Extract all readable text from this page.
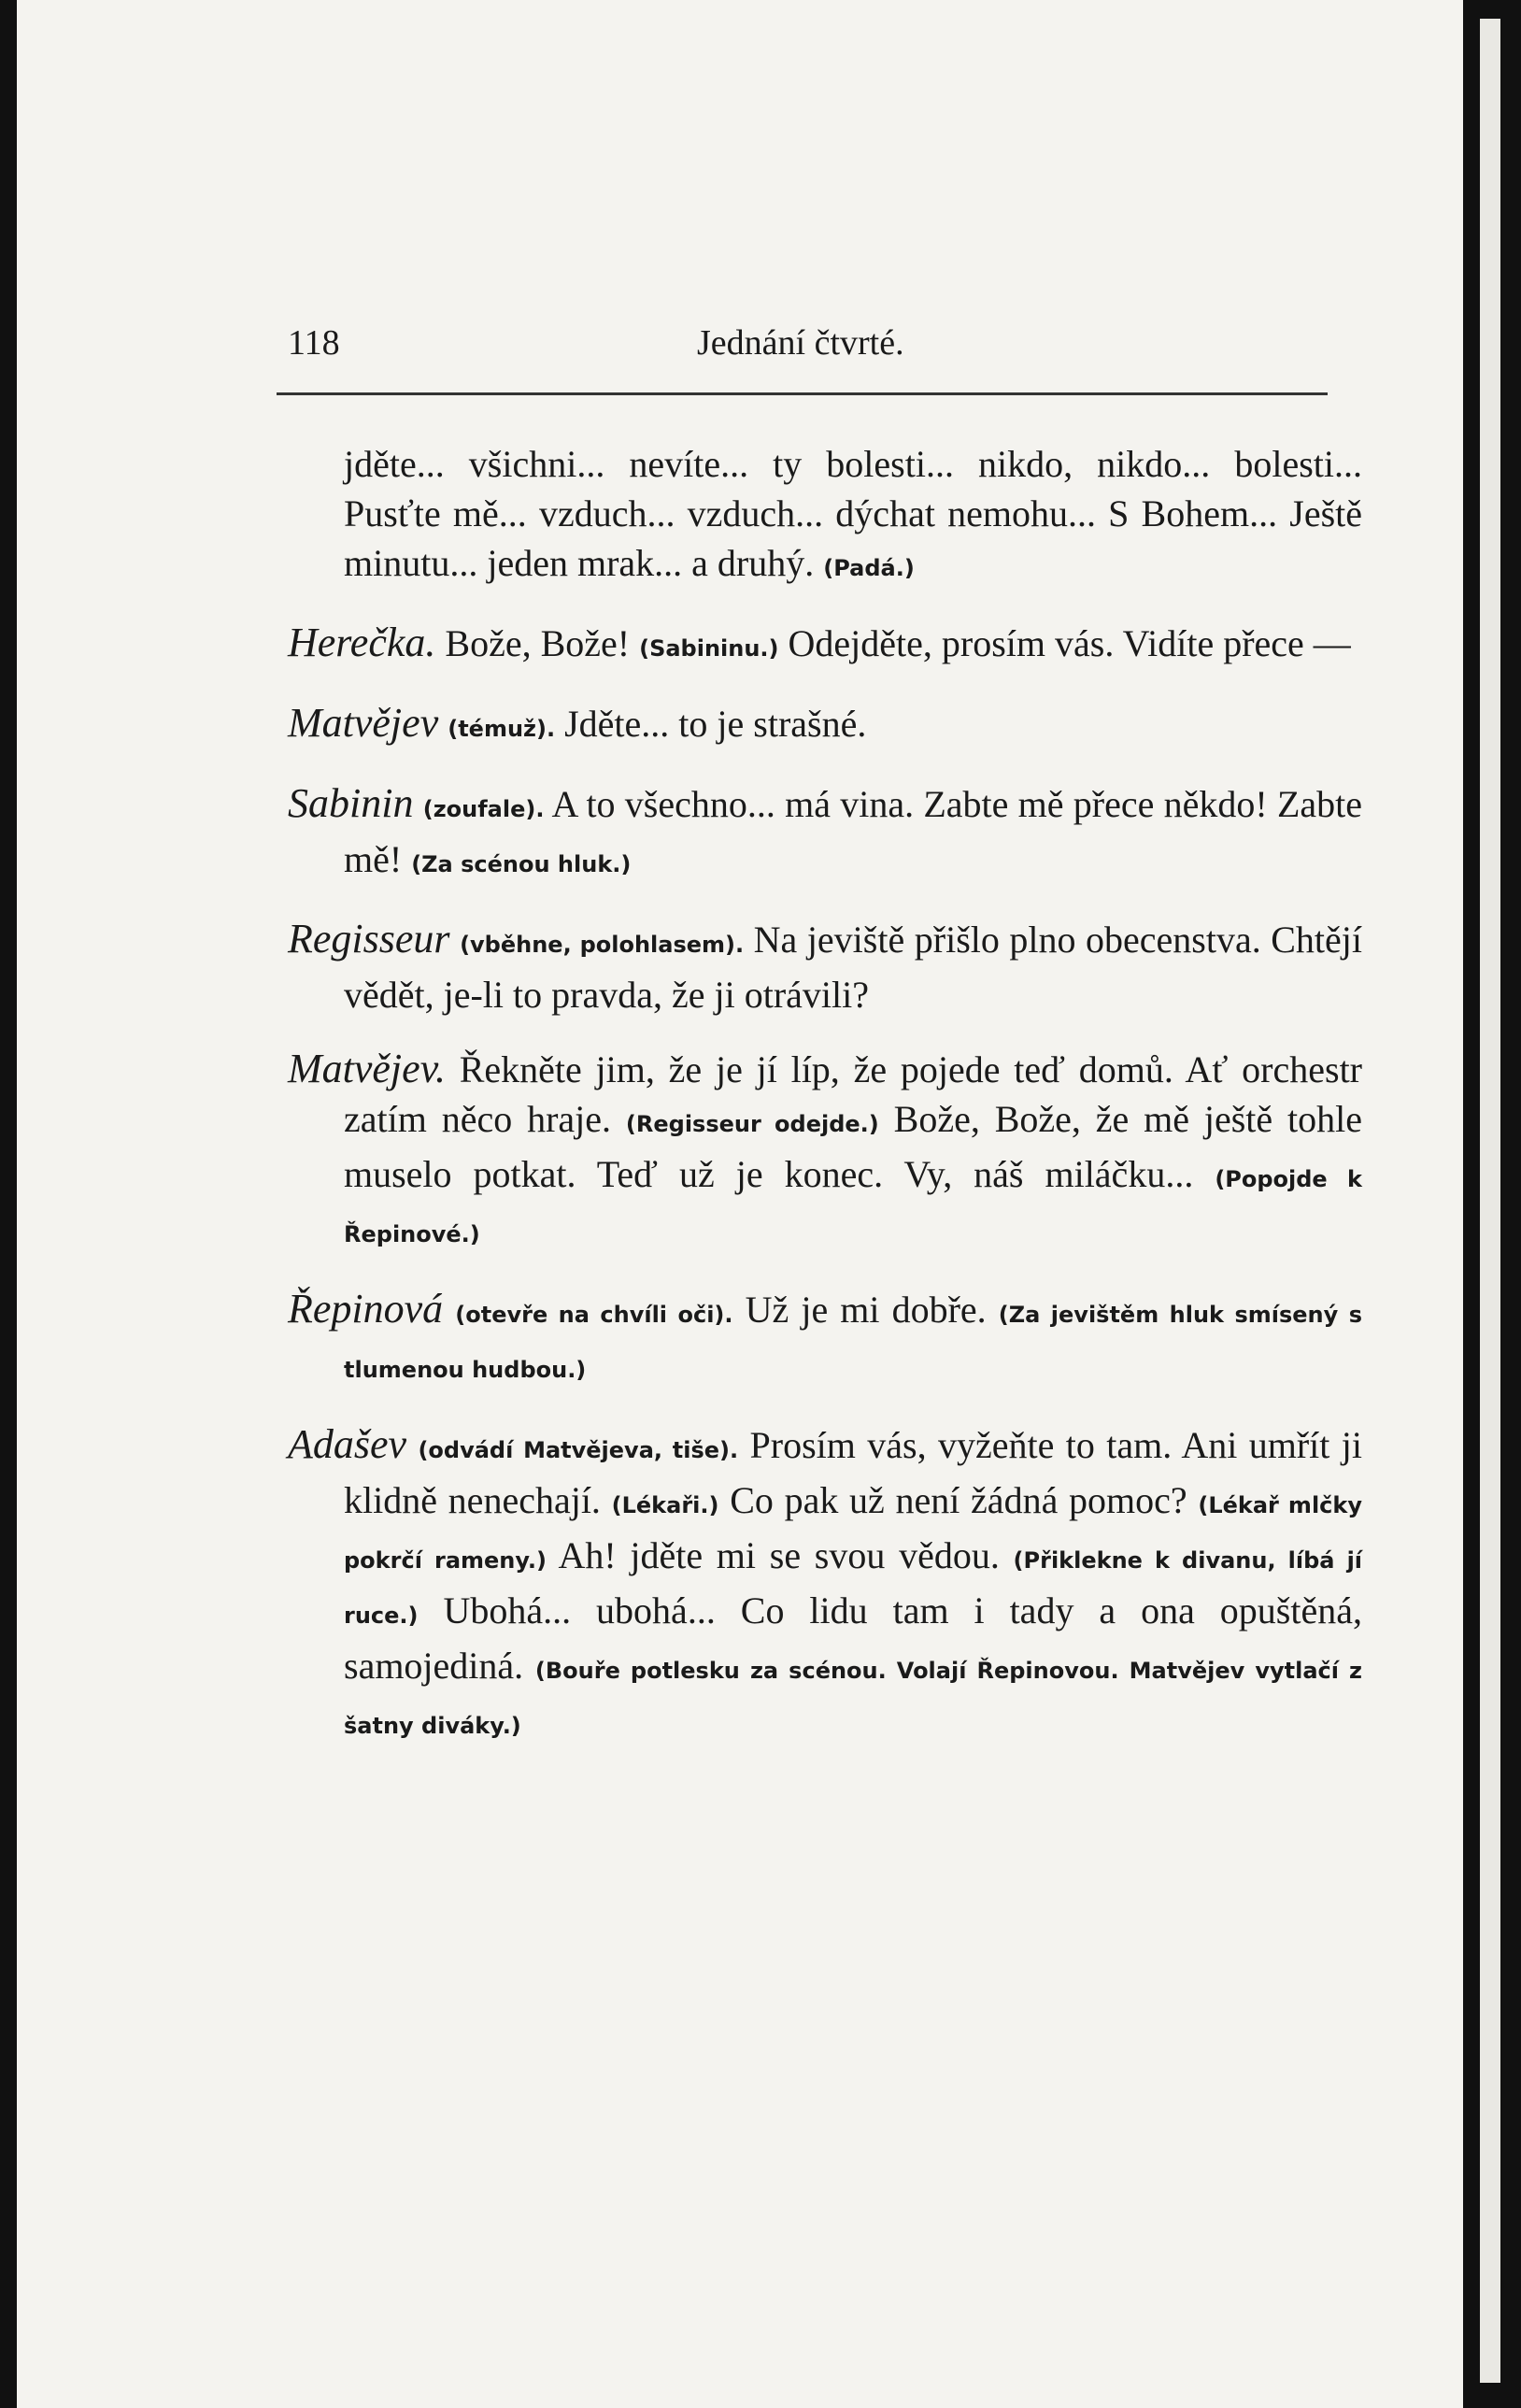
118	Jednání čtvrté.

jděte... všichni... nevíte... ty bolesti... nikdo, nikdo... bolesti... Pusťte mě... vzduch... vzduch... dýchat nemohu... S Bohem... Ještě minutu... jeden mrak... a druhý. (Padá.)

Herečka. Bože, Bože! (Sabininu.) Odejděte, prosím vás. Vidíte přece —

Matvějev (témuž). Jděte... to je strašné.

Sabinin (zoufale). A to všechno... má vina. Zabte mě přece někdo! Zabte mě! (Za scénou hluk.)

Regisseur (vběhne, polohlasem). Na jeviště přišlo plno obecenstva. Chtějí vědět, je-li to pravda, že ji otrávili?

Matvějev. Řekněte jim, že je jí líp, že pojede teď domů. Ať orchestr zatím něco hraje. (Regisseur odejde.) Bože, Bože, že mě ještě tohle muselo potkat. Teď už je konec. Vy, náš miláčku... (Popojde k Řepinové.)

Řepinová (otevře na chvíli oči). Už je mi dobře. (Za jevištěm hluk smísený s tlumenou hudbou.)

Adašev (odvádí Matvějeva, tiše). Prosím vás, vyžeňte to tam. Ani umřít ji klidně nenechají. (Lékaři.) Co pak už není žádná pomoc? (Lékař mlčky pokrčí rameny.) Ah! jděte mi se svou vědou. (Přiklekne k divanu, líbá jí ruce.) Ubohá... ubohá... Co lidu tam i tady a ona opuštěná, samojediná. (Bouře potlesku za scénou. Volají Řepinovou. Matvějev vytlačí z šatny diváky.)
